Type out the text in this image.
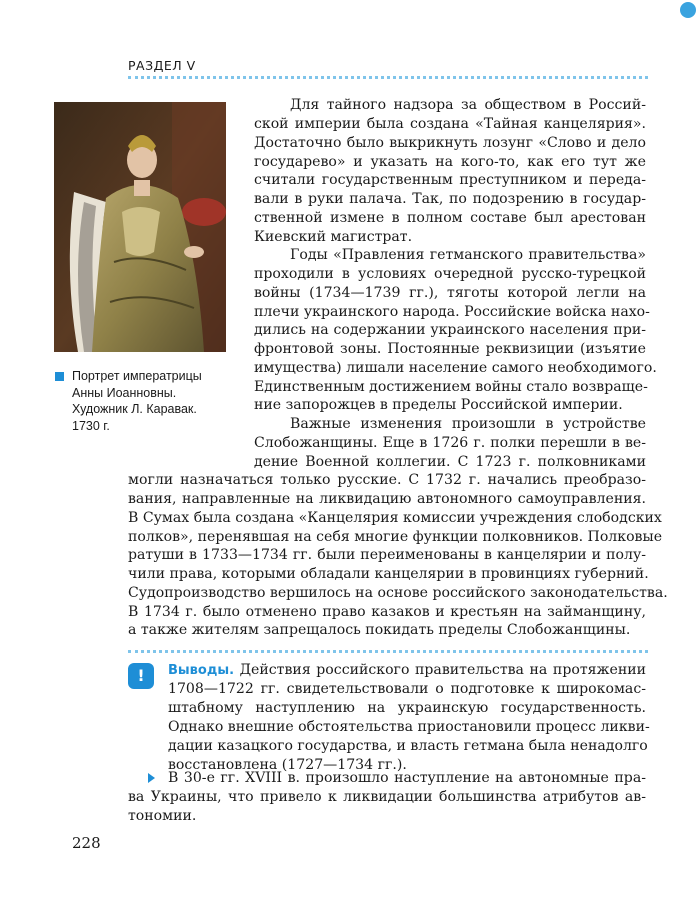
РАЗДЕЛ V
Портрет императрицы
Анны Иоанновны.
Художник Л. Каравак.
1730 г.
Для тайного надзора за обществом в Россий-
ской империи была создана «Тайная канцелярия».
Достаточно было выкрикнуть лозунг «Слово и дело
государево» и указать на кого-то, как его тут же
считали государственным преступником и переда-
вали в руки палача. Так, по подозрению в государ-
ственной измене в полном составе был арестован
Киевский магистрат.
Годы «Правления гетманского правительства»
проходили в условиях очередной русско-турецкой
войны (1734—1739 гг.), тяготы которой легли на
плечи украинского народа. Российские войска нахо-
дились на содержании украинского населения при-
фронтовой зоны. Постоянные реквизиции (изъятие
имущества) лишали население самого необходимого.
Единственным достижением войны стало возвраще-
ние запорожцев в пределы Российской империи.
Важные изменения произошли в устройстве
Слобожанщины. Еще в 1726 г. полки перешли в ве-
дение Военной коллегии. С 1723 г. полковниками
могли назначаться только русские. С 1732 г. начались преобразо-
вания, направленные на ликвидацию автономного самоуправления.
В Сумах была создана «Канцелярия комиссии учреждения слободских
полков», перенявшая на себя многие функции полковников. Полковые
ратуши в 1733—1734 гг. были переименованы в канцелярии и полу-
чили права, которыми обладали канцелярии в провинциях губерний.
Судопроизводство вершилось на основе российского законодательства.
В 1734 г. было отменено право казаков и крестьян на займанщину,
а также жителям запрещалось покидать пределы Слобожанщины.
!	Выводы. Действия российского правительства на протяжении
1708—1722 гг. свидетельствовали о подготовке к широкомас-
штабному наступлению на украинскую государственность.
Однако внешние обстоятельства приостановили процесс ликви-
дации казацкого государства, и власть гетмана была ненадолго
восстановлена (1727—1734 гг.).
В 30-е гг. XVIII в. произошло наступление на автономные пра-
ва Украины, что привело к ликвидации большинства атрибутов ав-
тономии.
228
